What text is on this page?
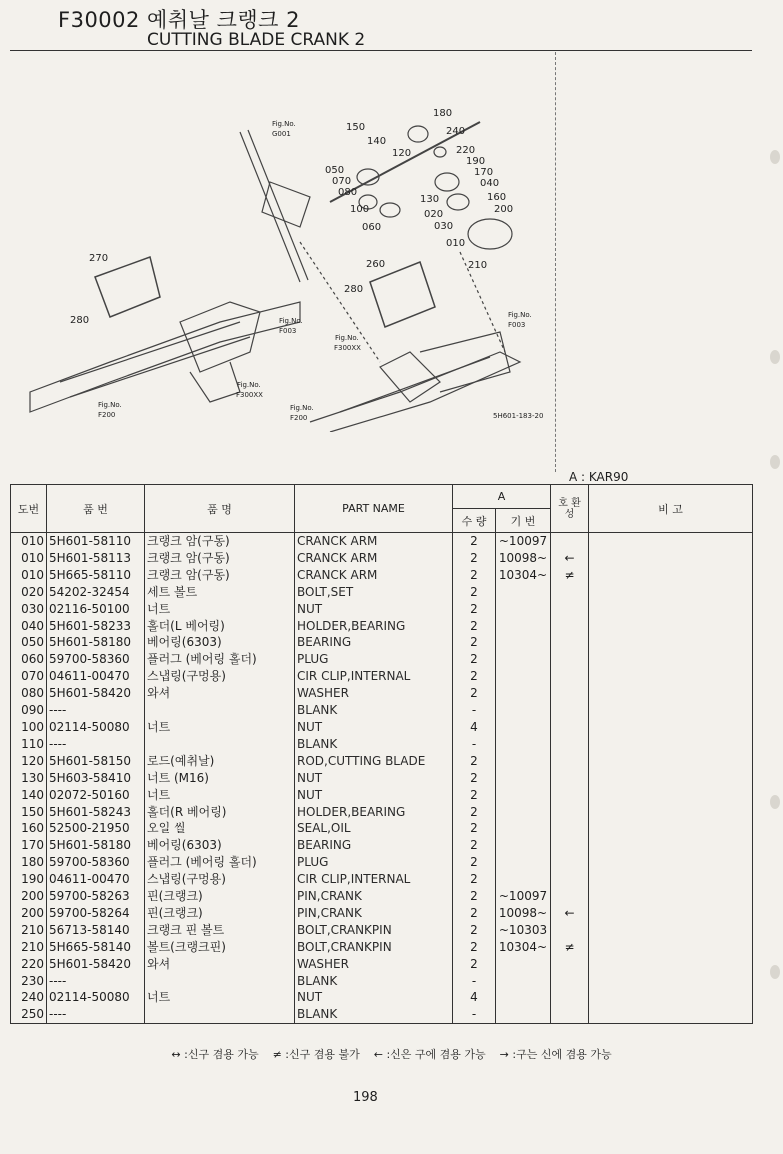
F30002 예취날 크랭크 2
CUTTING BLADE CRANK 2
180
240
150
140
220
120
190
050	170
070	040
080	160
130
200
100	020
030
060
010
270
260	210
280
280
Fig.No.
G001
Fig.No.
F003
Fig.No.
F300XX
Fig.No.
F200
Fig.No.
F300XX
Fig.No.
F200
Fig.No.
F003
5H601-183-20
A : KAR90
도번	품 번	품 명	PART NAME	A		호 환 성	비 고
				수 량	기 번		
010	5H601-58110	크랭크 암(구동)	CRANCK ARM	2	~10097		
010	5H601-58113	크랭크 암(구동)	CRANCK ARM	2	10098~	←	
010	5H665-58110	크랭크 암(구동)	CRANCK ARM	2	10304~	≠	
020	54202-32454	세트 볼트	BOLT,SET	2			
030	02116-50100	너트	NUT	2			
040	5H601-58233	홀더(L 베어링)	HOLDER,BEARING	2			
050	5H601-58180	베어링(6303)	BEARING	2			
060	59700-58360	플러그 (베어링 홀더)	PLUG	2			
070	04611-00470	스냅링(구멍용)	CIR CLIP,INTERNAL	2			
080	5H601-58420	와셔	WASHER	2			
090	----		BLANK	-			
100	02114-50080	너트	NUT	4			
110	----		BLANK	-			
120	5H601-58150	로드(예취날)	ROD,CUTTING BLADE	2			
130	5H603-58410	너트 (M16)	NUT	2			
140	02072-50160	너트	NUT	2			
150	5H601-58243	홀더(R 베어링)	HOLDER,BEARING	2			
160	52500-21950	오일 씰	SEAL,OIL	2			
170	5H601-58180	베어링(6303)	BEARING	2			
180	59700-58360	플러그 (베어링 홀더)	PLUG	2			
190	04611-00470	스냅링(구멍용)	CIR CLIP,INTERNAL	2			
200	59700-58263	핀(크랭크)	PIN,CRANK	2	~10097		
200	59700-58264	핀(크랭크)	PIN,CRANK	2	10098~	←	
210	56713-58140	크랭크 핀 볼트	BOLT,CRANKPIN	2	~10303		
210	5H665-58140	볼트(크랭크핀)	BOLT,CRANKPIN	2	10304~	≠	
220	5H601-58420	와셔	WASHER	2			
230	----		BLANK	-			
240	02114-50080	너트	NUT	4			
250	----		BLANK	-			
↔ :신구 겸용 가능 ≠ :신구 겸용 불가 ← :신은 구에 겸용 가능 → :구는 신에 겸용 가능
198
